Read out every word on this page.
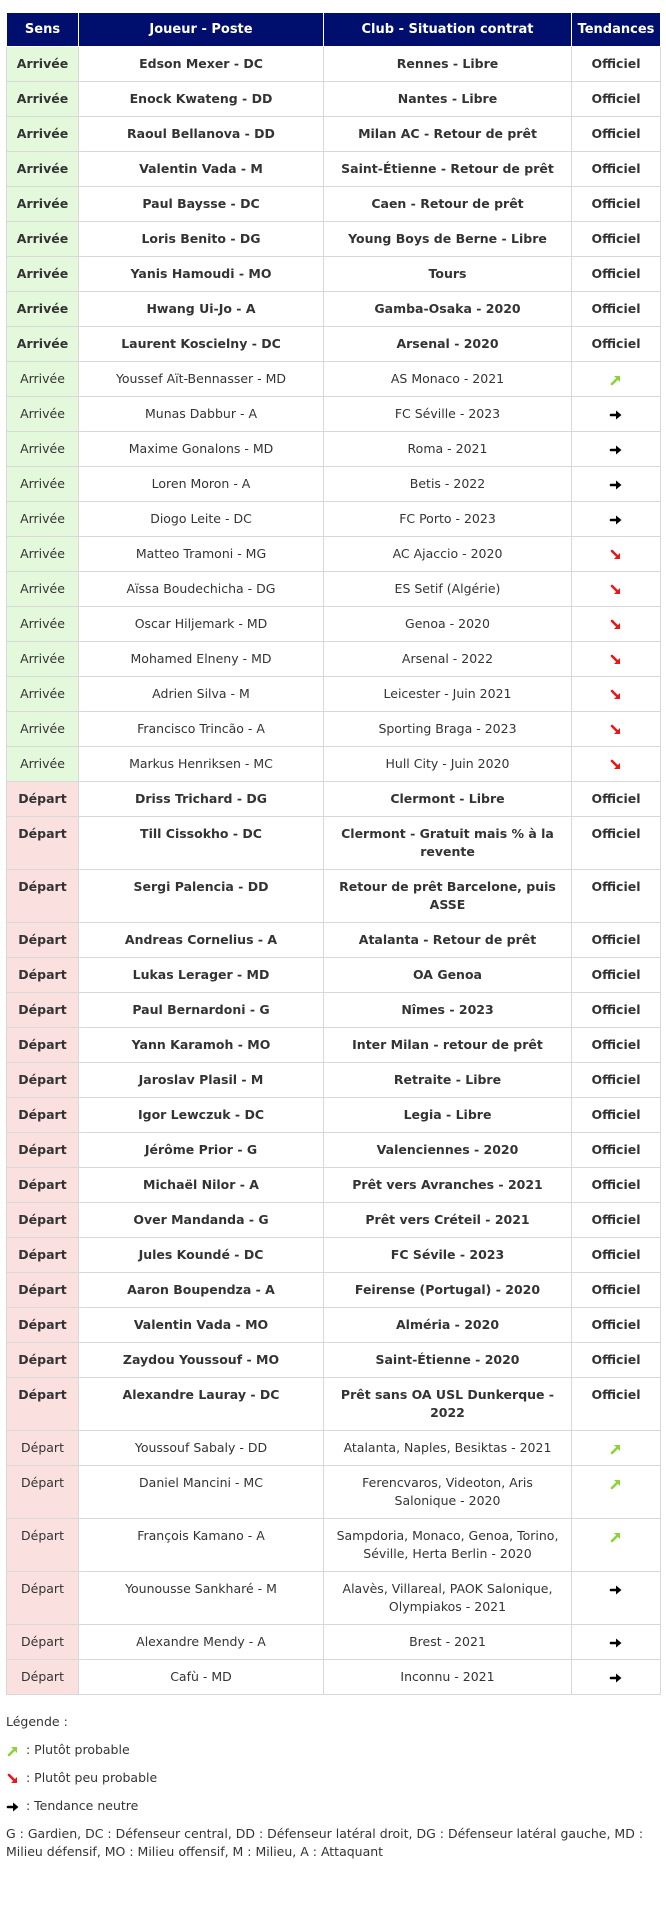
Sens	Joueur - Poste	Club - Situation contrat	Tendances
Arrivée	Edson Mexer - DC	Rennes - Libre	Officiel
Arrivée	Enock Kwateng - DD	Nantes - Libre	Officiel
Arrivée	Raoul Bellanova - DD	Milan AC - Retour de prêt	Officiel
Arrivée	Valentin Vada - M	Saint-Étienne - Retour de prêt	Officiel
Arrivée	Paul Baysse - DC	Caen - Retour de prêt	Officiel
Arrivée	Loris Benito - DG	Young Boys de Berne - Libre	Officiel
Arrivée	Yanis Hamoudi - MO	Tours	Officiel
Arrivée	Hwang Ui-Jo - A	Gamba-Osaka - 2020	Officiel
Arrivée	Laurent Koscielny - DC	Arsenal - 2020	Officiel
Arrivée	Youssef Aït-Bennasser - MD	AS Monaco - 2021	
Arrivée	Munas Dabbur - A	FC Séville - 2023	
Arrivée	Maxime Gonalons - MD	Roma - 2021	
Arrivée	Loren Moron - A	Betis - 2022	
Arrivée	Diogo Leite - DC	FC Porto - 2023	
Arrivée	Matteo Tramoni - MG	AC Ajaccio - 2020	
Arrivée	Aïssa Boudechicha - DG	ES Setif (Algérie)	
Arrivée	Oscar Hiljemark - MD	Genoa - 2020	
Arrivée	Mohamed Elneny - MD	Arsenal - 2022	
Arrivée	Adrien Silva - M	Leicester - Juin 2021	
Arrivée	Francisco Trincão - A	Sporting Braga - 2023	
Arrivée	Markus Henriksen - MC	Hull City - Juin 2020	
Départ	Driss Trichard - DG	Clermont - Libre	Officiel
Départ	Till Cissokho - DC	Clermont - Gratuit mais % à la revente	Officiel
Départ	Sergi Palencia - DD	Retour de prêt Barcelone, puis ASSE	Officiel
Départ	Andreas Cornelius - A	Atalanta - Retour de prêt	Officiel
Départ	Lukas Lerager - MD	OA Genoa	Officiel
Départ	Paul Bernardoni - G	Nîmes - 2023	Officiel
Départ	Yann Karamoh - MO	Inter Milan - retour de prêt	Officiel
Départ	Jaroslav Plasil - M	Retraite - Libre	Officiel
Départ	Igor Lewczuk - DC	Legia - Libre	Officiel
Départ	Jérôme Prior - G	Valenciennes - 2020	Officiel
Départ	Michaël Nilor - A	Prêt vers Avranches - 2021	Officiel
Départ	Over Mandanda - G	Prêt vers Créteil - 2021	Officiel
Départ	Jules Koundé - DC	FC Sévile - 2023	Officiel
Départ	Aaron Boupendza - A	Feirense (Portugal) - 2020	Officiel
Départ	Valentin Vada - MO	Alméria - 2020	Officiel
Départ	Zaydou Youssouf - MO	Saint-Étienne - 2020	Officiel
Départ	Alexandre Lauray - DC	Prêt sans OA USL Dunkerque - 2022	Officiel
Départ	Youssouf Sabaly - DD	Atalanta, Naples, Besiktas - 2021	
Départ	Daniel Mancini - MC	Ferencvaros, Videoton, Aris Salonique - 2020	
Départ	François Kamano - A	Sampdoria, Monaco, Genoa, Torino, Séville, Herta Berlin - 2020	
Départ	Younousse Sankharé - M	Alavès, Villareal, PAOK Salonique, Olympiakos - 2021	
Départ	Alexandre Mendy - A	Brest - 2021	
Départ	Cafù - MD	Inconnu - 2021	

Légende :

: Plutôt probable

: Plutôt peu probable

: Tendance neutre

G : Gardien, DC : Défenseur central, DD : Défenseur latéral droit, DG : Défenseur latéral gauche, MD : Milieu défensif, MO : Milieu offensif, M : Milieu, A : Attaquant
